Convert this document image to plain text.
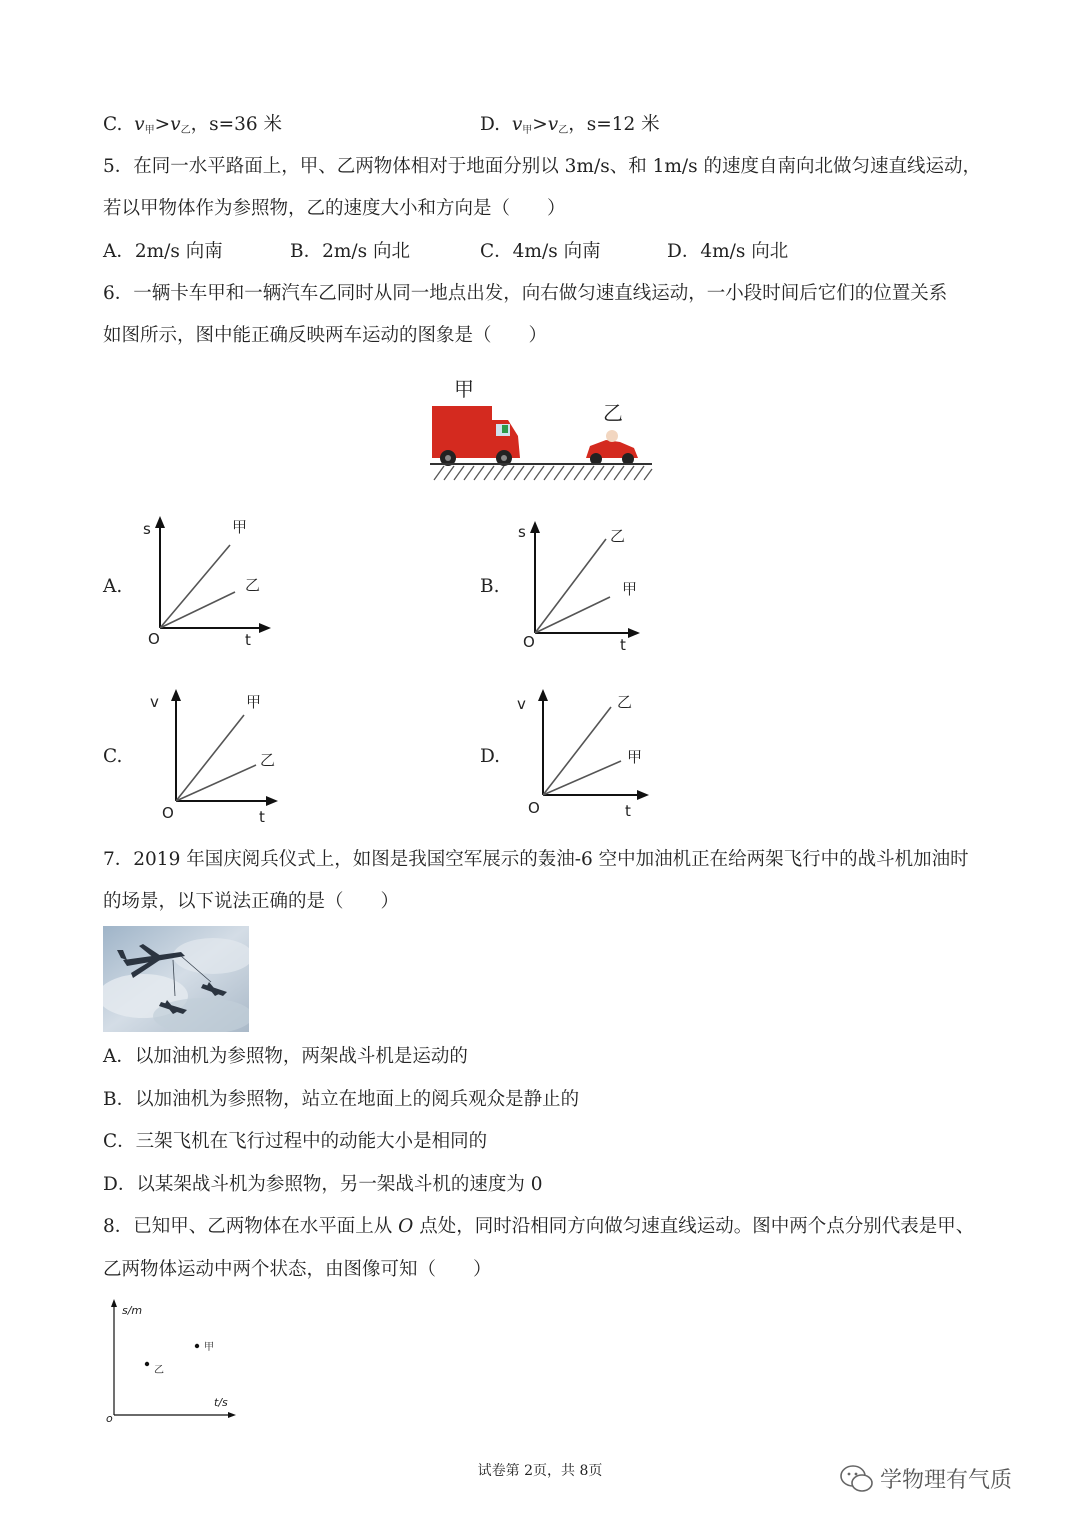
C. v甲>v乙，s=36 米	D. v甲>v乙，s=12 米
5．在同一水平路面上，甲、乙两物体相对于地面分别以 3m/s、和 1m/s 的速度自南向北做匀速直线运动，
若以甲物体作为参照物，乙的速度大小和方向是（　　）
A．2m/s 向南	B．2m/s 向北	C．4m/s 向南	D．4m/s 向北
6．一辆卡车甲和一辆汽车乙同时从同一地点出发，向右做匀速直线运动，一小段时间后它们的位置关系
如图所示，图中能正确反映两车运动的图象是（　　）
甲
乙
A.
s
t
O
甲
乙	B.
s
t
O
乙
甲
C.
v
t
O
甲
乙	D.
v
t
O
乙
甲
7．2019 年国庆阅兵仪式上，如图是我国空军展示的轰油-6 空中加油机正在给两架飞行中的战斗机加油时
的场景，以下说法正确的是（　　）
A．以加油机为参照物，两架战斗机是运动的
B．以加油机为参照物，站立在地面上的阅兵观众是静止的
C．三架飞机在飞行过程中的动能大小是相同的
D．以某架战斗机为参照物，另一架战斗机的速度为 0
8．已知甲、乙两物体在水平面上从 O 点处，同时沿相同方向做匀速直线运动。图中两个点分别代表是甲、
乙两物体运动中两个状态，由图像可知（　　）
s/m
t/s
o
甲
乙
试卷第 2页，共 8页	学物理有气质
